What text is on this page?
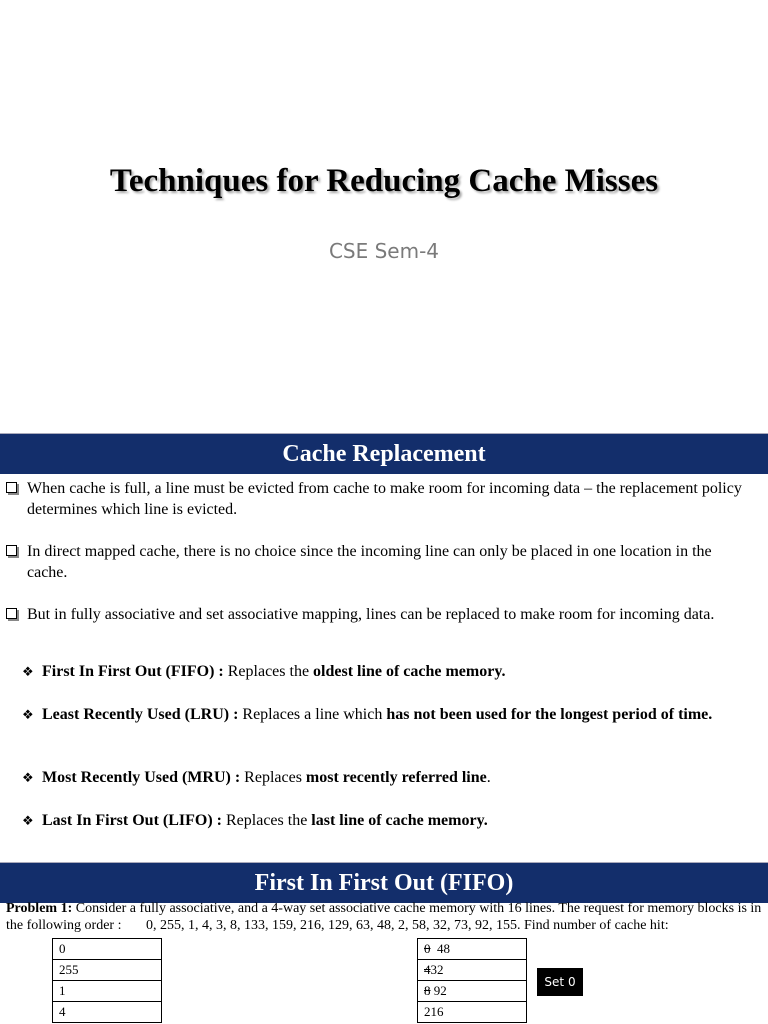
Techniques for Reducing Cache Misses
CSE Sem-4
Cache Replacement
When cache is full, a line must be evicted from cache to make room for incoming data – the replacement policy determines which line is evicted.
In direct mapped cache, there is no choice since the incoming line can only be placed in one location in the cache.
But in fully associative and set associative mapping, lines can be replaced to make room for incoming data.
❖ First In First Out (FIFO) : Replaces the oldest line of cache memory.
❖ Least Recently Used (LRU) : Replaces a line which has not been used for the longest period of time.
❖ Most Recently Used (MRU) : Replaces most recently referred line.
❖ Last In First Out (LIFO) : Replaces the last line of cache memory.
First In First Out (FIFO)
Problem 1: Consider a fully associative, and a 4-way set associative cache memory with 16 lines. The request for memory blocks is in the following order :       0, 255, 1, 4, 3, 8, 133, 159, 216, 129, 63, 48, 2, 58, 32, 73, 92, 155. Find number of cache hit:
0
255
1
4
0 48
432
8 92
216
Set 0
